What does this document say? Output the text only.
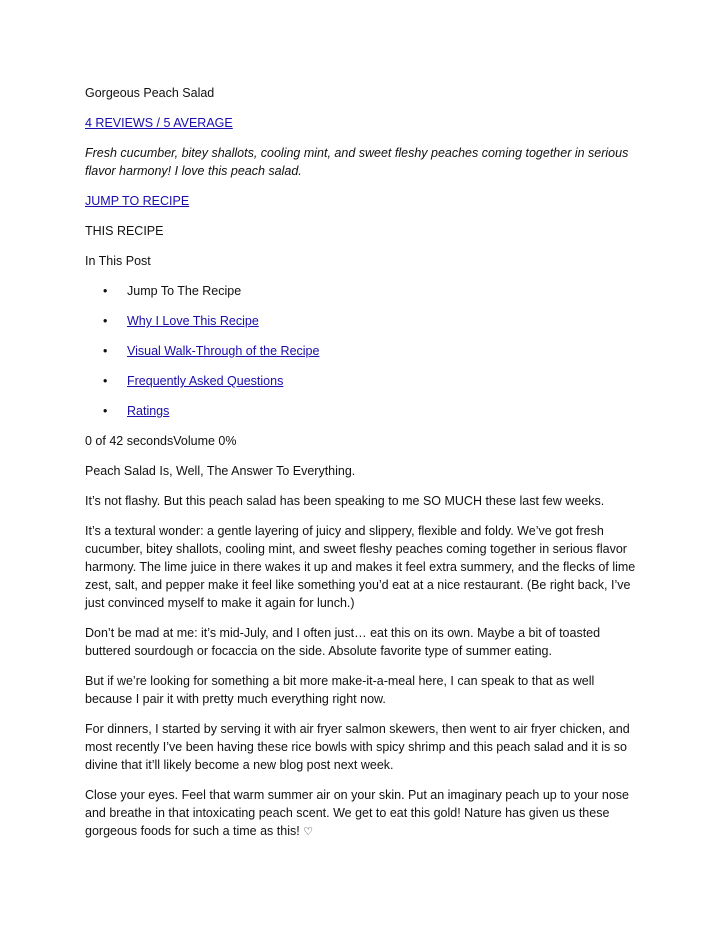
Gorgeous Peach Salad

4 REVIEWS / 5 AVERAGE

Fresh cucumber, bitey shallots, cooling mint, and sweet fleshy peaches coming together in serious flavor harmony! I love this peach salad.

JUMP TO RECIPE

THIS RECIPE

In This Post

• Jump To The Recipe
• Why I Love This Recipe
• Visual Walk-Through of the Recipe
• Frequently Asked Questions
• Ratings

0 of 42 secondsVolume 0%

Peach Salad Is, Well, The Answer To Everything.

It’s not flashy. But this peach salad has been speaking to me SO MUCH these last few weeks.

It’s a textural wonder: a gentle layering of juicy and slippery, flexible and foldy. We’ve got fresh cucumber, bitey shallots, cooling mint, and sweet fleshy peaches coming together in serious flavor harmony. The lime juice in there wakes it up and makes it feel extra summery, and the flecks of lime zest, salt, and pepper make it feel like something you’d eat at a nice restaurant. (Be right back, I’ve just convinced myself to make it again for lunch.)

Don’t be mad at me: it’s mid-July, and I often just… eat this on its own. Maybe a bit of toasted buttered sourdough or focaccia on the side. Absolute favorite type of summer eating.

But if we’re looking for something a bit more make-it-a-meal here, I can speak to that as well because I pair it with pretty much everything right now.

For dinners, I started by serving it with air fryer salmon skewers, then went to air fryer chicken, and most recently I’ve been having these rice bowls with spicy shrimp and this peach salad and it is so divine that it’ll likely become a new blog post next week.

Close your eyes. Feel that warm summer air on your skin. Put an imaginary peach up to your nose and breathe in that intoxicating peach scent. We get to eat this gold! Nature has given us these gorgeous foods for such a time as this! ♡
